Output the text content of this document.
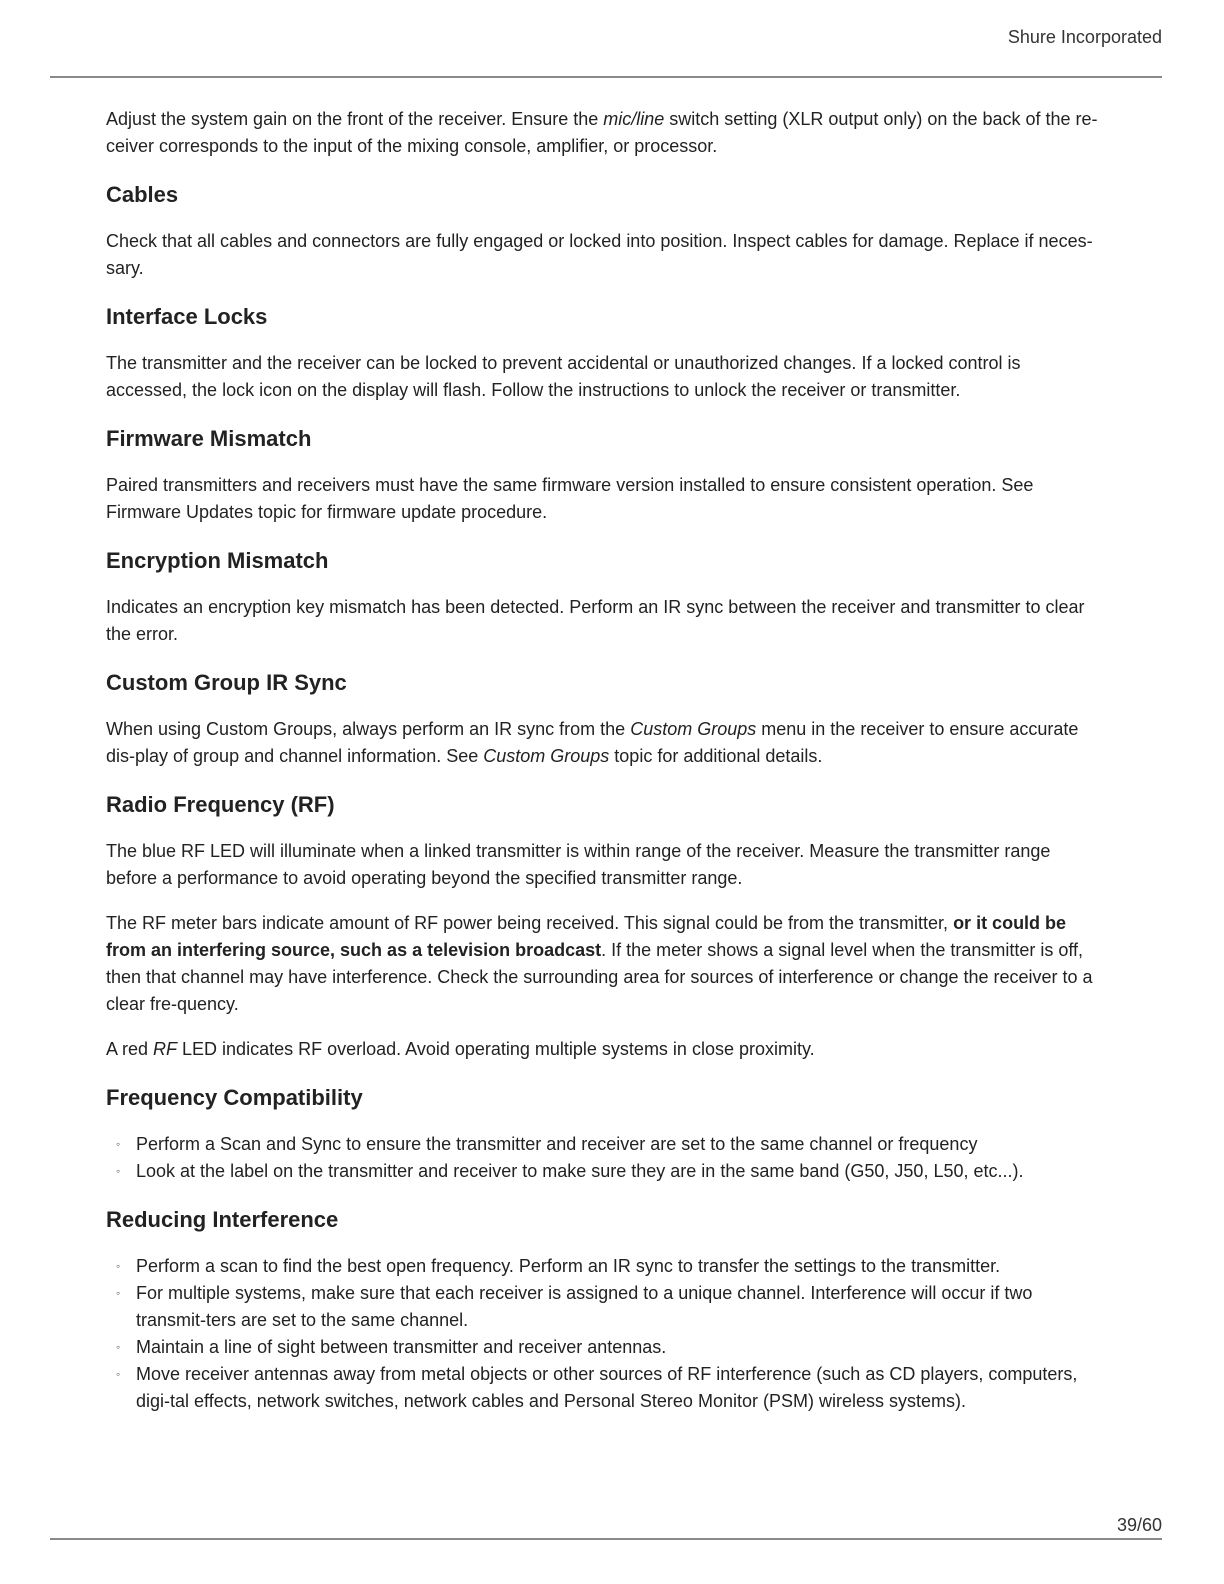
Shure Incorporated

Adjust the system gain on the front of the receiver. Ensure the mic/line switch setting (XLR output only) on the back of the re-ceiver corresponds to the input of the mixing console, amplifier, or processor.

Cables

Check that all cables and connectors are fully engaged or locked into position. Inspect cables for damage. Replace if neces-sary.

Interface Locks

The transmitter and the receiver can be locked to prevent accidental or unauthorized changes. If a locked control is accessed, the lock icon on the display will flash. Follow the instructions to unlock the receiver or transmitter.

Firmware Mismatch

Paired transmitters and receivers must have the same firmware version installed to ensure consistent operation. See Firmware Updates topic for firmware update procedure.

Encryption Mismatch

Indicates an encryption key mismatch has been detected. Perform an IR sync between the receiver and transmitter to clear the error.

Custom Group IR Sync

When using Custom Groups, always perform an IR sync from the Custom Groups menu in the receiver to ensure accurate dis-play of group and channel information. See Custom Groups topic for additional details.

Radio Frequency (RF)

The blue RF LED will illuminate when a linked transmitter is within range of the receiver. Measure the transmitter range before a performance to avoid operating beyond the specified transmitter range.

The RF meter bars indicate amount of RF power being received. This signal could be from the transmitter, or it could be from an interfering source, such as a television broadcast. If the meter shows a signal level when the transmitter is off, then that channel may have interference. Check the surrounding area for sources of interference or change the receiver to a clear fre-quency.

A red RF LED indicates RF overload. Avoid operating multiple systems in close proximity.

Frequency Compatibility
◦ Perform a Scan and Sync to ensure the transmitter and receiver are set to the same channel or frequency
◦ Look at the label on the transmitter and receiver to make sure they are in the same band (G50, J50, L50, etc...).
Reducing Interference
◦ Perform a scan to find the best open frequency. Perform an IR sync to transfer the settings to the transmitter.
◦ For multiple systems, make sure that each receiver is assigned to a unique channel. Interference will occur if two transmit-ters are set to the same channel.
◦ Maintain a line of sight between transmitter and receiver antennas.
◦ Move receiver antennas away from metal objects or other sources of RF interference (such as CD players, computers, digi-tal effects, network switches, network cables and Personal Stereo Monitor (PSM) wireless systems).
39/60
